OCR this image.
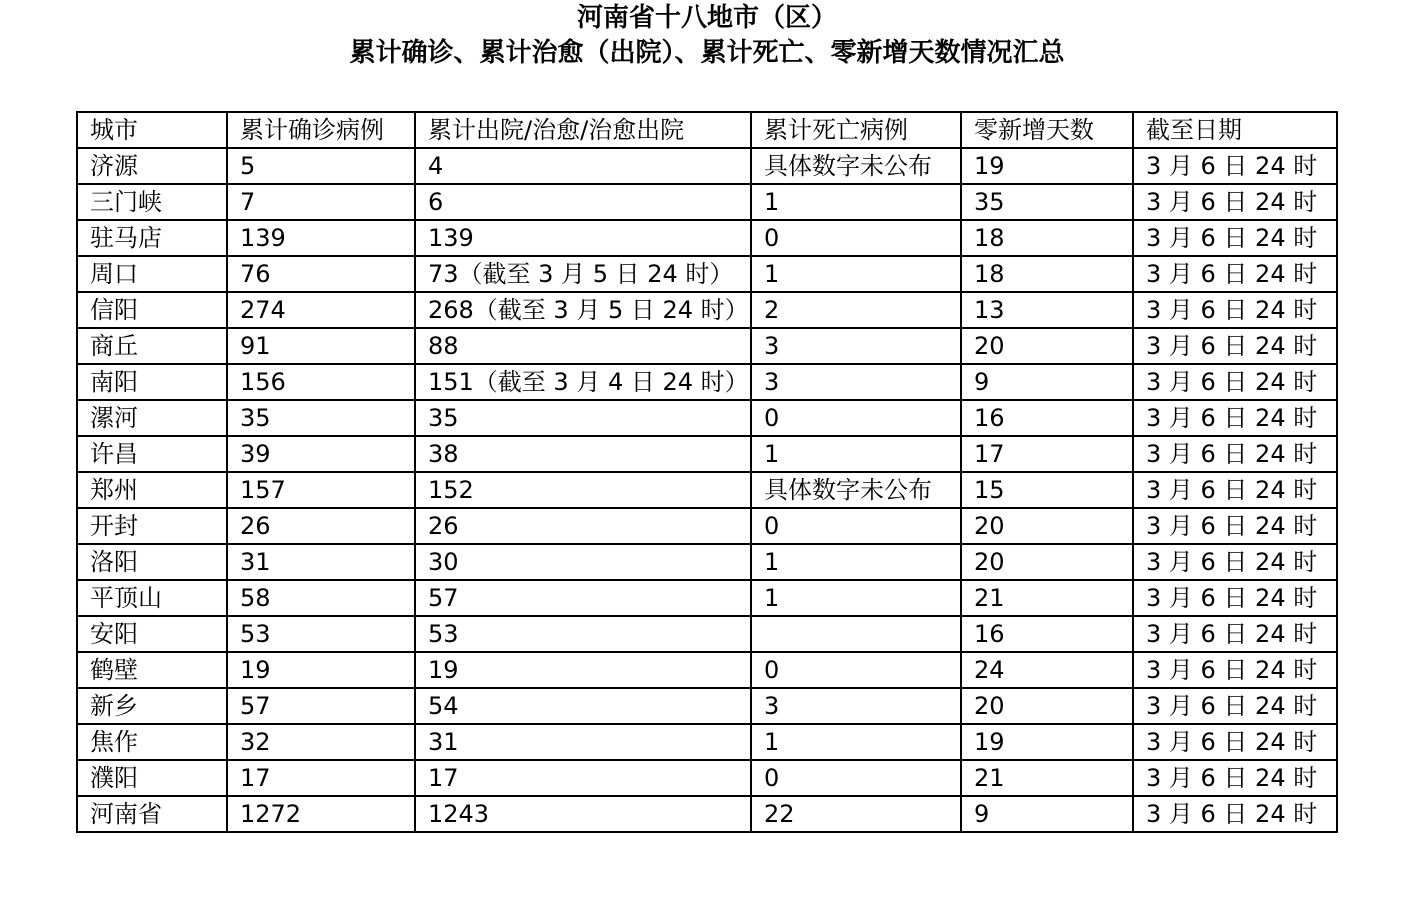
河南省十八地市（区）
累计确诊、累计治愈（出院）、累计死亡、零新增天数情况汇总
城市	累计确诊病例	累计出院/治愈/治愈出院	累计死亡病例	零新增天数	截至日期
济源	5	4	具体数字未公布	19	3 月 6 日 24 时
三门峡	7	6	1	35	3 月 6 日 24 时
驻马店	139	139	0	18	3 月 6 日 24 时
周口	76	73（截至 3 月 5 日 24 时）	1	18	3 月 6 日 24 时
信阳	274	268（截至 3 月 5 日 24 时）	2	13	3 月 6 日 24 时
商丘	91	88	3	20	3 月 6 日 24 时
南阳	156	151（截至 3 月 4 日 24 时）	3	9	3 月 6 日 24 时
漯河	35	35	0	16	3 月 6 日 24 时
许昌	39	38	1	17	3 月 6 日 24 时
郑州	157	152	具体数字未公布	15	3 月 6 日 24 时
开封	26	26	0	20	3 月 6 日 24 时
洛阳	31	30	1	20	3 月 6 日 24 时
平顶山	58	57	1	21	3 月 6 日 24 时
安阳	53	53		16	3 月 6 日 24 时
鹤壁	19	19	0	24	3 月 6 日 24 时
新乡	57	54	3	20	3 月 6 日 24 时
焦作	32	31	1	19	3 月 6 日 24 时
濮阳	17	17	0	21	3 月 6 日 24 时
河南省	1272	1243	22	9	3 月 6 日 24 时
